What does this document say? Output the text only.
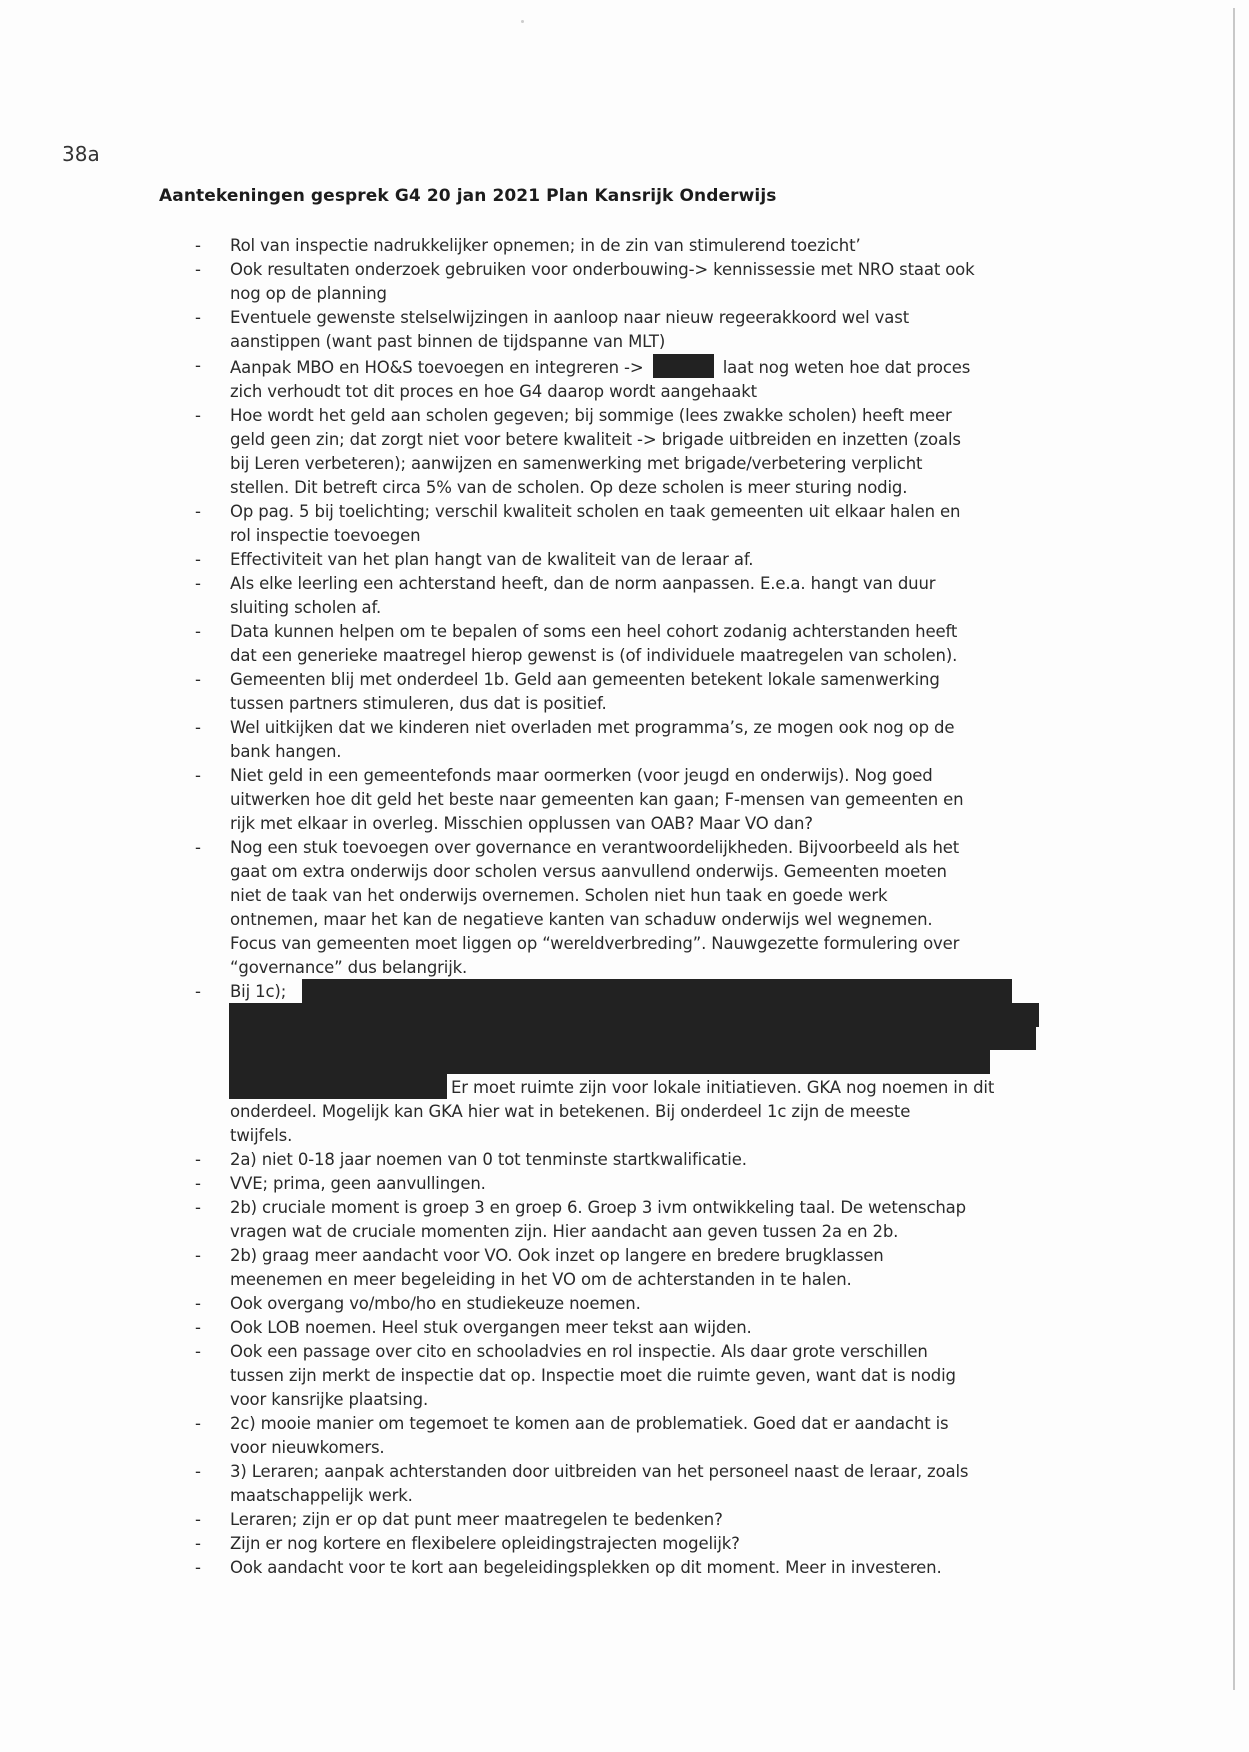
38a
Aantekeningen gesprek G4 20 jan 2021 Plan Kansrijk Onderwijs
- Rol van inspectie nadrukkelijker opnemen; in de zin van stimulerend toezicht’
- Ook resultaten onderzoek gebruiken voor onderbouwing-> kennissessie met NRO staat ook
nog op de planning
- Eventuele gewenste stelselwijzingen in aanloop naar nieuw regeerakkoord wel vast
aanstippen (want past binnen de tijdspanne van MLT)
- Aanpak MBO en HO&S toevoegen en integreren ->	laat nog weten hoe dat proces
zich verhoudt tot dit proces en hoe G4 daarop wordt aangehaakt
- Hoe wordt het geld aan scholen gegeven; bij sommige (lees zwakke scholen) heeft meer
geld geen zin; dat zorgt niet voor betere kwaliteit -> brigade uitbreiden en inzetten (zoals
bij Leren verbeteren); aanwijzen en samenwerking met brigade/verbetering verplicht
stellen. Dit betreft circa 5% van de scholen. Op deze scholen is meer sturing nodig.
- Op pag. 5 bij toelichting; verschil kwaliteit scholen en taak gemeenten uit elkaar halen en
rol inspectie toevoegen
- Effectiviteit van het plan hangt van de kwaliteit van de leraar af.
- Als elke leerling een achterstand heeft, dan de norm aanpassen. E.e.a. hangt van duur
sluiting scholen af.
- Data kunnen helpen om te bepalen of soms een heel cohort zodanig achterstanden heeft
dat een generieke maatregel hierop gewenst is (of individuele maatregelen van scholen).
- Gemeenten blij met onderdeel 1b. Geld aan gemeenten betekent lokale samenwerking
tussen partners stimuleren, dus dat is positief.
- Wel uitkijken dat we kinderen niet overladen met programma’s, ze mogen ook nog op de
bank hangen.
- Niet geld in een gemeentefonds maar oormerken (voor jeugd en onderwijs). Nog goed
uitwerken hoe dit geld het beste naar gemeenten kan gaan; F-mensen van gemeenten en
rijk met elkaar in overleg. Misschien opplussen van OAB? Maar VO dan?
- Nog een stuk toevoegen over governance en verantwoordelijkheden. Bijvoorbeeld als het
gaat om extra onderwijs door scholen versus aanvullend onderwijs. Gemeenten moeten
niet de taak van het onderwijs overnemen. Scholen niet hun taak en goede werk
ontnemen, maar het kan de negatieve kanten van schaduw onderwijs wel wegnemen.
Focus van gemeenten moet liggen op “wereldverbreding”. Nauwgezette formulering over
“governance” dus belangrijk.
- Bij 1c);
Er moet ruimte zijn voor lokale initiatieven. GKA nog noemen in dit
onderdeel. Mogelijk kan GKA hier wat in betekenen. Bij onderdeel 1c zijn de meeste
twijfels.
- 2a) niet 0-18 jaar noemen van 0 tot tenminste startkwalificatie.
- VVE; prima, geen aanvullingen.
- 2b) cruciale moment is groep 3 en groep 6. Groep 3 ivm ontwikkeling taal. De wetenschap
vragen wat de cruciale momenten zijn. Hier aandacht aan geven tussen 2a en 2b.
- 2b) graag meer aandacht voor VO. Ook inzet op langere en bredere brugklassen
meenemen en meer begeleiding in het VO om de achterstanden in te halen.
- Ook overgang vo/mbo/ho en studiekeuze noemen.
- Ook LOB noemen. Heel stuk overgangen meer tekst aan wijden.
- Ook een passage over cito en schooladvies en rol inspectie. Als daar grote verschillen
tussen zijn merkt de inspectie dat op. Inspectie moet die ruimte geven, want dat is nodig
voor kansrijke plaatsing.
- 2c) mooie manier om tegemoet te komen aan de problematiek. Goed dat er aandacht is
voor nieuwkomers.
- 3) Leraren; aanpak achterstanden door uitbreiden van het personeel naast de leraar, zoals
maatschappelijk werk.
- Leraren; zijn er op dat punt meer maatregelen te bedenken?
- Zijn er nog kortere en flexibelere opleidingstrajecten mogelijk?
- Ook aandacht voor te kort aan begeleidingsplekken op dit moment. Meer in investeren.
